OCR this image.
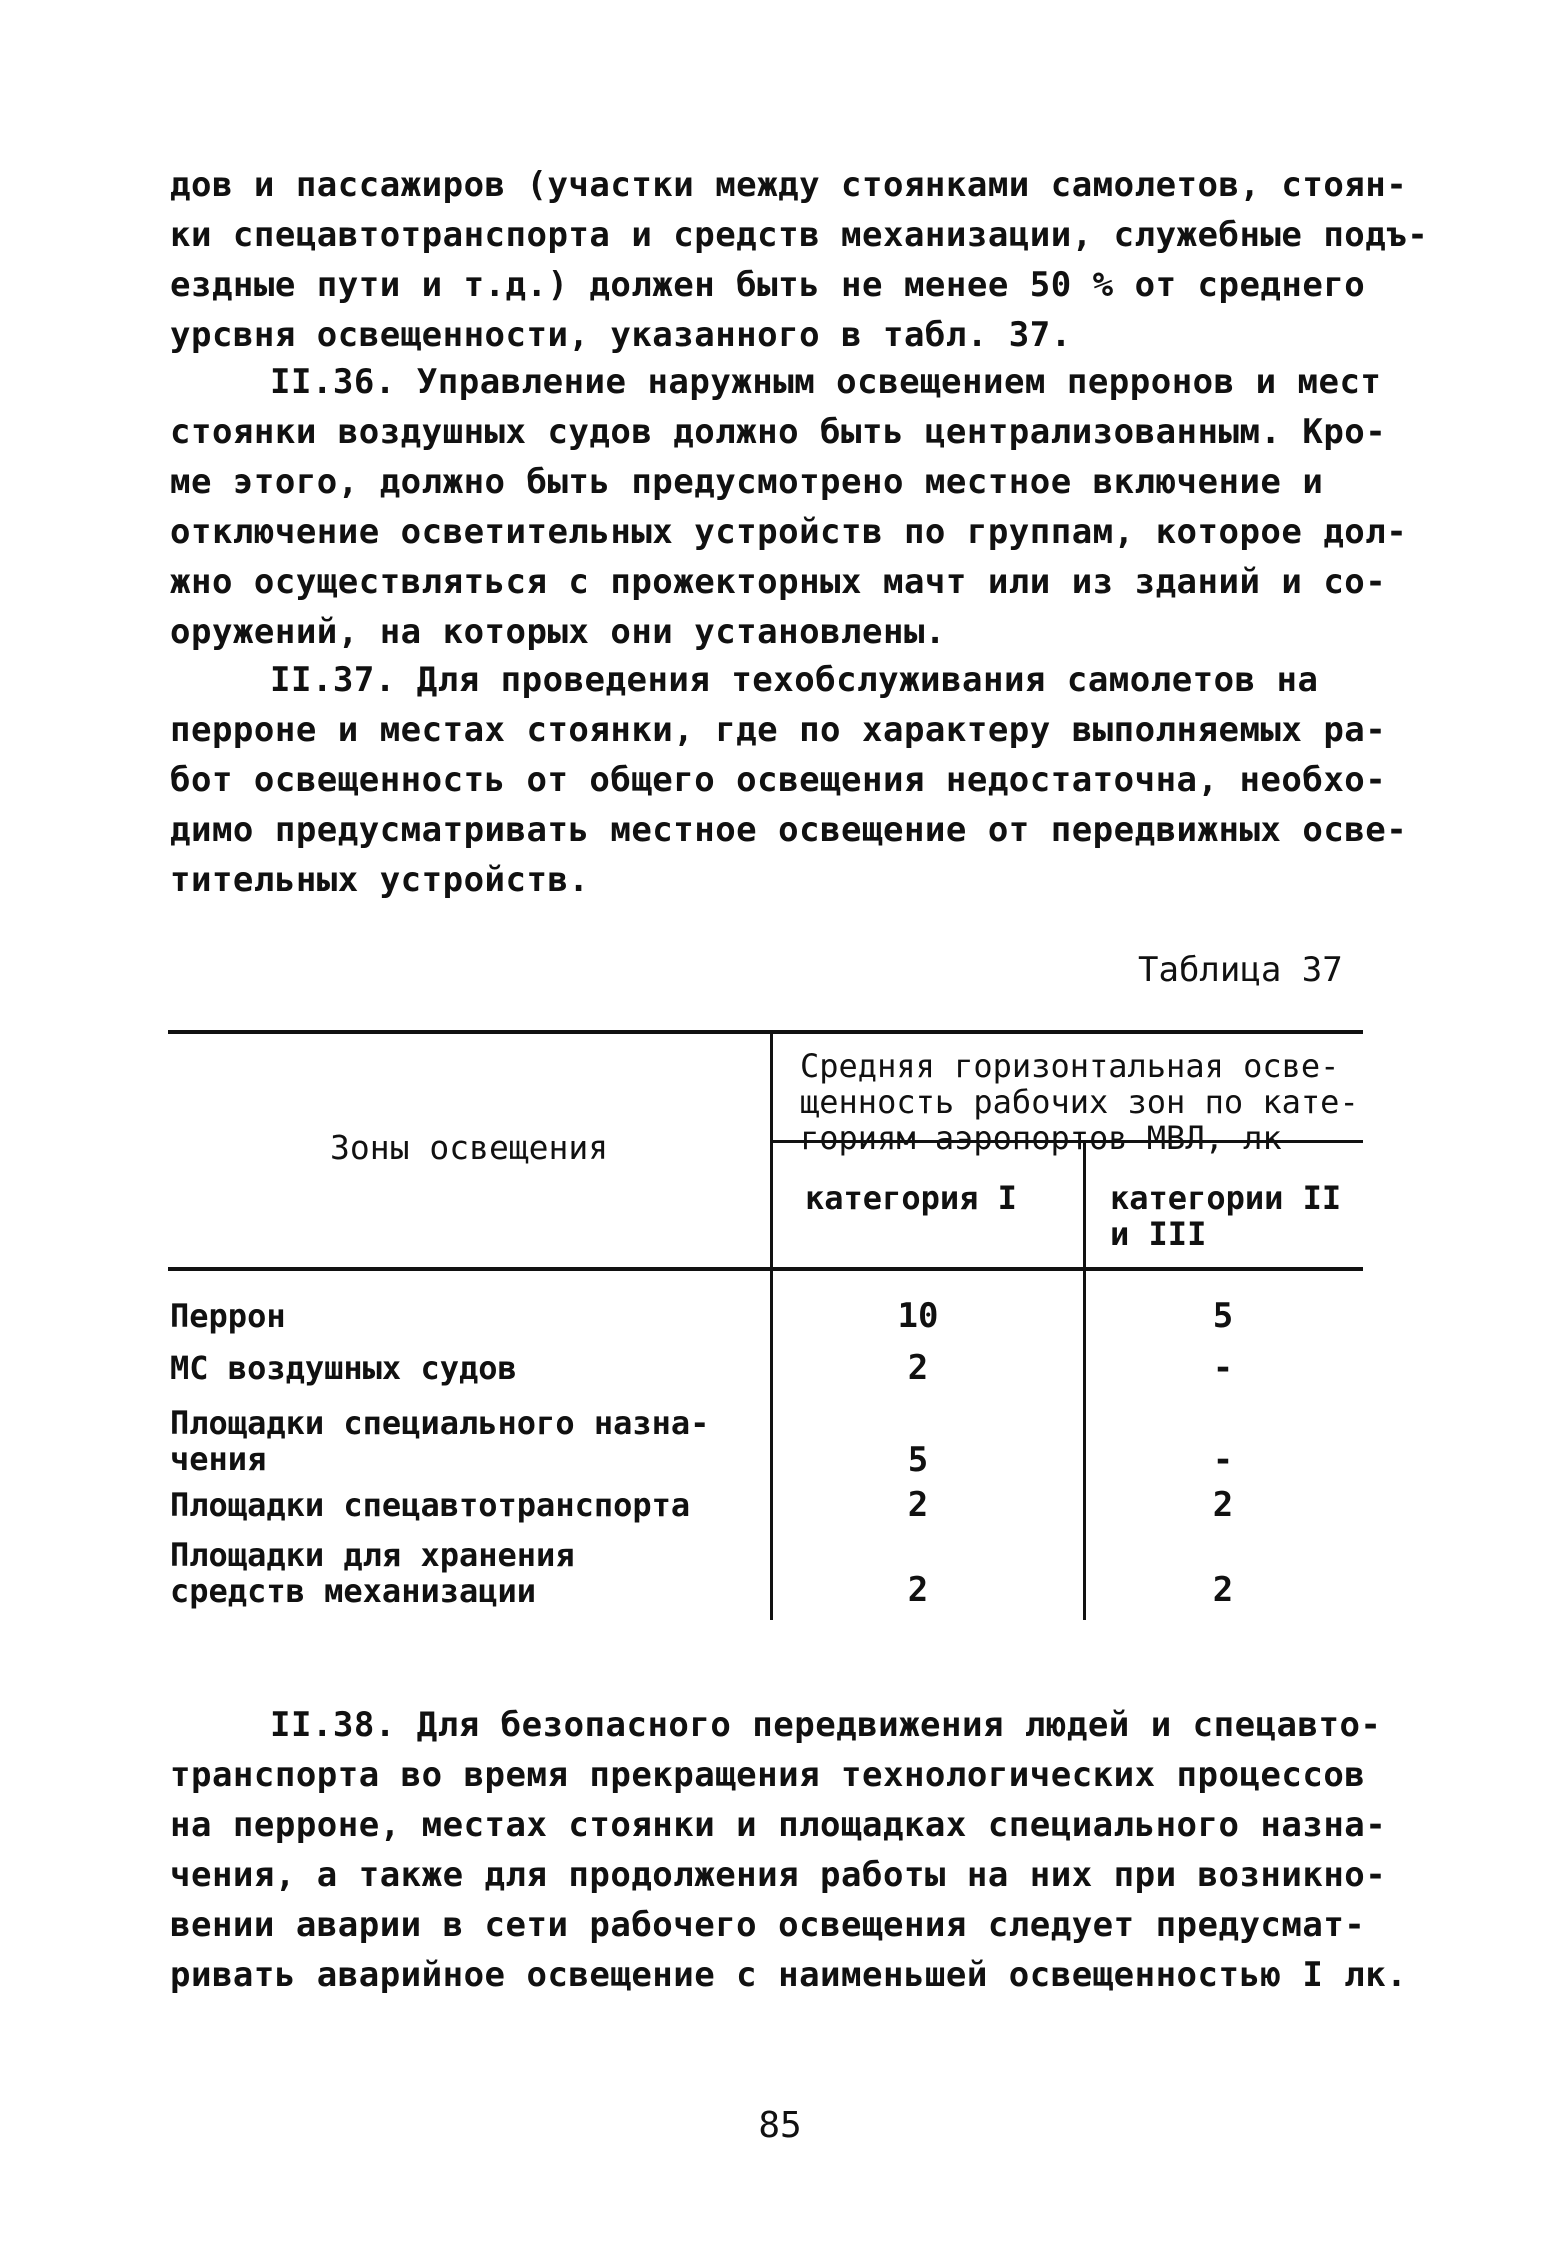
дов и пассажиров (участки между стоянками самолетов, стоян-
ки спецавтотранспорта и средств механизации, служебные подъ-
ездные пути и т.д.) должен быть не менее 50 % от среднего
урсвня освещенности, указанного в табл. 37.
II.36. Управление наружным освещением перронов и мест
стоянки воздушных судов должно быть централизованным. Кро-
ме этого, должно быть предусмотрено местное включение и
отключение осветительных устройств по группам, которое дол-
жно осуществляться с прожекторных мачт или из зданий и со-
оружений, на которых они установлены.
II.37. Для проведения техобслуживания самолетов на
перроне и местах стоянки, где по характеру выполняемых ра-
бот освещенность от общего освещения недостаточна, необхо-
димо предусматривать местное освещение от передвижных осве-
тительных устройств.
Таблица 37
Зоны освещения
Средняя горизонтальная осве-
щенность рабочих зон по кате-
гориям аэропортов МВЛ, лк
категория I	категории II
и III
Перрон	10	5
МС воздушных судов	2	-
Площадки специального назна-
чения	5	-
Площадки спецавтотранспорта	2	2
Площадки для хранения
средств механизации	2	2
II.38. Для безопасного передвижения людей и спецавто-
транспорта во время прекращения технологических процессов
на перроне, местах стоянки и площадках специального назна-
чения, а также для продолжения работы на них при возникно-
вении аварии в сети рабочего освещения следует предусмат-
ривать аварийное освещение с наименьшей освещенностью I лк.
85
